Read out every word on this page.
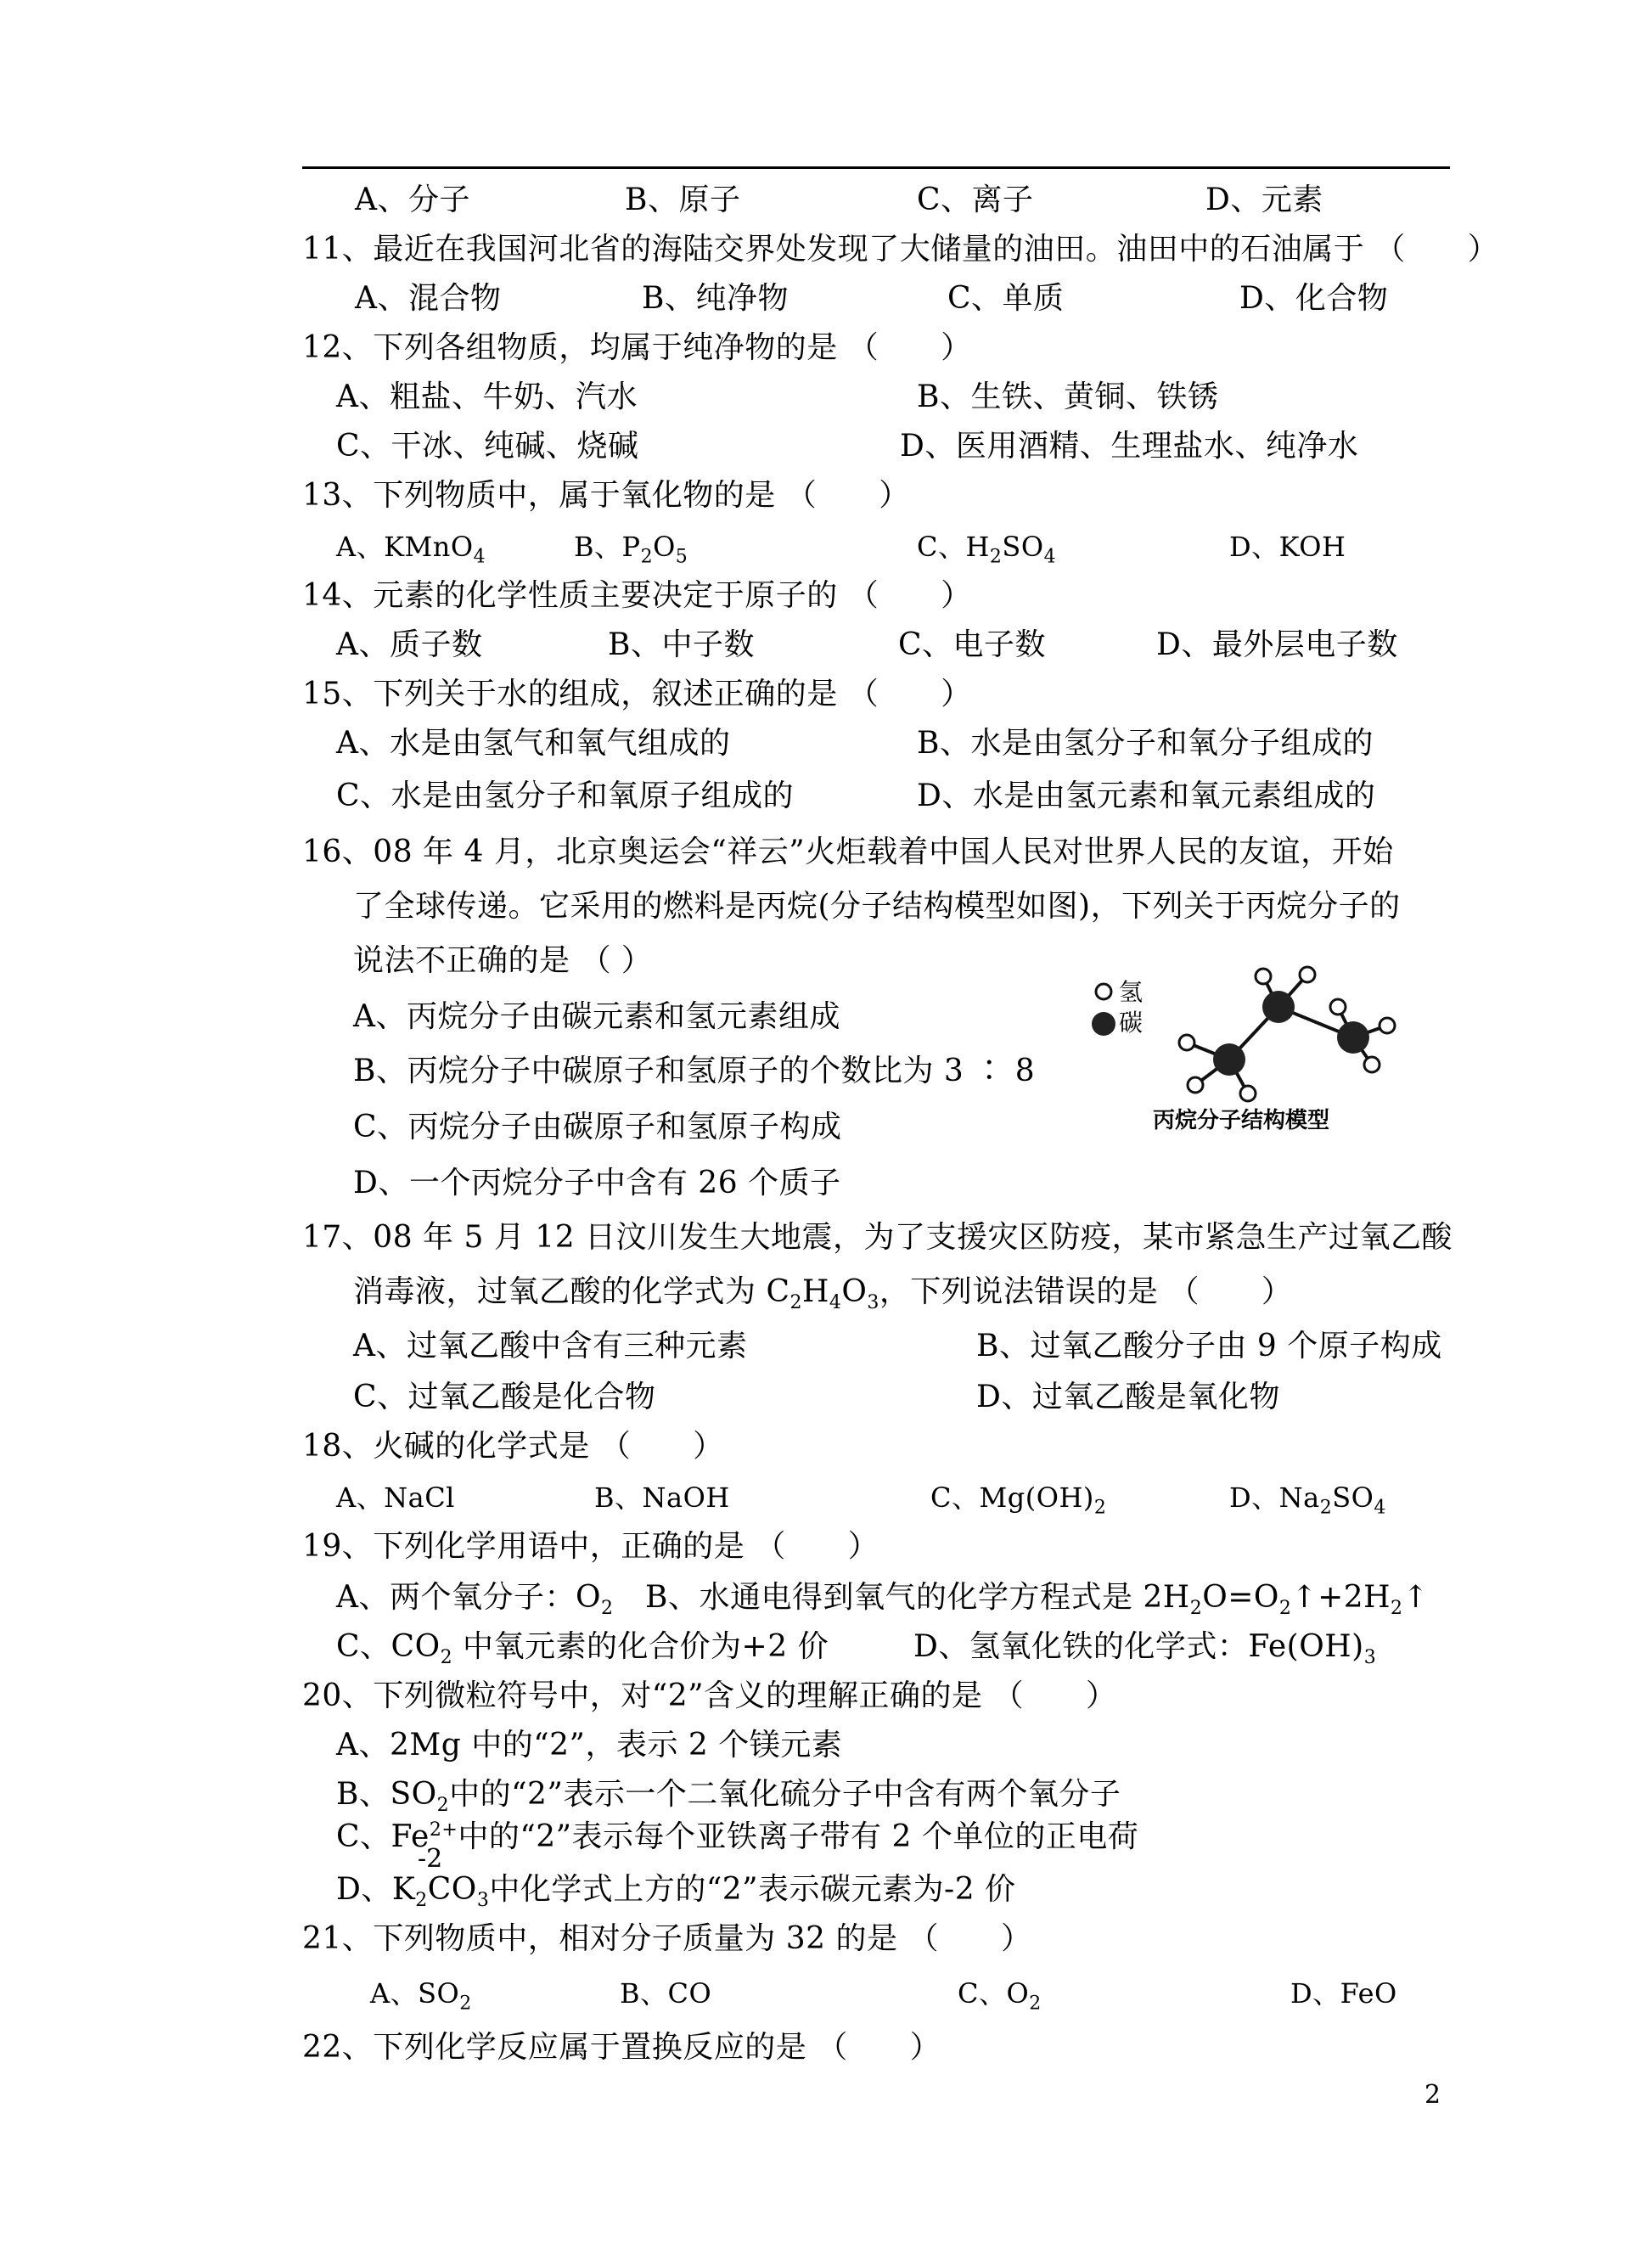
A、分子	B、原子	C、离子	D、元素
11、最近在我国河北省的海陆交界处发现了大储量的油田。油田中的石油属于 （　　）
A、混合物	B、纯净物	C、单质	D、化合物
12、下列各组物质，均属于纯净物的是 （　　）
A、粗盐、牛奶、汽水	B、生铁、黄铜、铁锈
C、干冰、纯碱、烧碱	D、医用酒精、生理盐水、纯净水
13、下列物质中，属于氧化物的是 （　　）
A、KMnO$_4$	B、$P_2O_5$	C、$H_2SO_4$	D、KOH
14、元素的化学性质主要决定于原子的 （　　）
A、质子数	B、中子数	C、电子数	D、最外层电子数
15、下列关于水的组成，叙述正确的是 （　　）
A、水是由氢气和氧气组成的	B、水是由氢分子和氧分子组成的
C、水是由氢分子和氧原子组成的	D、水是由氢元素和氧元素组成的
16、08 年 4 月，北京奥运会“祥云”火炬载着中国人民对世界人民的友谊，开始
了全球传递。它采用的燃料是丙烷(分子结构模型如图)，下列关于丙烷分子的
说法不正确的是 （ ）
A、丙烷分子由碳元素和氢元素组成
B、丙烷分子中碳原子和氢原子的个数比为 3 ∶ 8
C、丙烷分子由碳原子和氢原子构成
D、一个丙烷分子中含有 26 个质子
氢
碳
丙烷分子结构模型
17、08 年 5 月 12 日汶川发生大地震，为了支援灾区防疫，某市紧急生产过氧乙酸
消毒液，过氧乙酸的化学式为 $C_2H_4O_3$，下列说法错误的是 （　　）
A、过氧乙酸中含有三种元素	B、过氧乙酸分子由 9 个原子构成
C、过氧乙酸是化合物	D、过氧乙酸是氧化物
18、火碱的化学式是 （　　）
A、NaCl	B、NaOH	C、$Mg(OH)_2$	D、$Na_2SO_4$
19、下列化学用语中，正确的是 （　　）
A、两个氧分子：$O_2$ B、水通电得到氧气的化学方程式是 $2H_2O=O_2↑+2H_2↑$
C、$CO_2$ 中氧元素的化合价为+2 价	D、氢氧化铁的化学式：$Fe(OH)_3$
20、下列微粒符号中，对“2”含义的理解正确的是 （　　）
A、2Mg 中的“2”，表示 2 个镁元素
B、$SO_2$中的“2”表示一个二氧化硫分子中含有两个氧分子
C、$Fe^{2+}$中的“2”表示每个亚铁离子带有 2 个单位的正电荷
-2
D、$K_2CO_3$中化学式上方的“2”表示碳元素为-2 价
21、下列物质中，相对分子质量为 32 的是 （　　）
A、$SO_2$	B、CO	C、$O_2$	D、FeO
22、下列化学反应属于置换反应的是 （　　）
2
